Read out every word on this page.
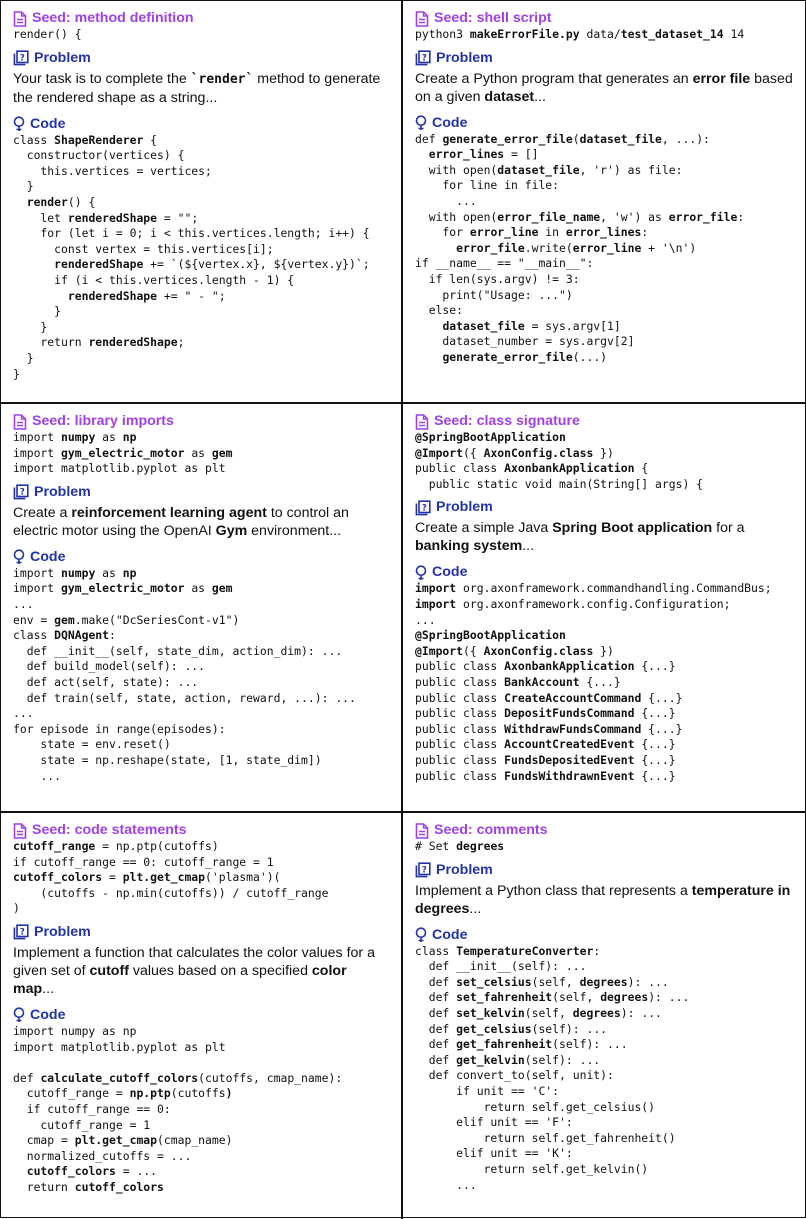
Seed: method definition
render() {
? Problem
Your task is to complete the `render` method to generate the rendered shape as a string...
Code
class ShapeRenderer {
constructor(vertices) {
this.vertices = vertices;
}
render() {
let renderedShape = "";
for (let i = 0; i < this.vertices.length; i++) {
const vertex = this.vertices[i];
renderedShape += `(${vertex.x}, ${vertex.y})`;
if (i < this.vertices.length - 1) {
renderedShape += " - ";
}
}
return renderedShape;
}
}
Seed: shell script
python3 makeErrorFile.py data/test_dataset_14 14
? Problem
Create a Python program that generates an error file based on a given dataset...
Code
def generate_error_file(dataset_file, ...):
error_lines = []
with open(dataset_file, 'r') as file:
for line in file:
...
with open(error_file_name, 'w') as error_file:
for error_line in error_lines:
error_file.write(error_line + '\n')
if __name__ == "__main__":
if len(sys.argv) != 3:
print("Usage: ...")
else:
dataset_file = sys.argv[1]
dataset_number = sys.argv[2]
generate_error_file(...)
Seed: library imports
import numpy as np
import gym_electric_motor as gem
import matplotlib.pyplot as plt
? Problem
Create a reinforcement learning agent to control an electric motor using the OpenAI Gym environment...
Code
import numpy as np
import gym_electric_motor as gem
...
env = gem.make("DcSeriesCont-v1")
class DQNAgent:
def __init__(self, state_dim, action_dim): ...
def build_model(self): ...
def act(self, state): ...
def train(self, state, action, reward, ...): ...
...
for episode in range(episodes):
state = env.reset()
state = np.reshape(state, [1, state_dim])
...
Seed: class signature
@SpringBootApplication
@Import({ AxonConfig.class })
public class AxonbankApplication {
public static void main(String[] args) {
? Problem
Create a simple Java Spring Boot application for a banking system...
Code
import org.axonframework.commandhandling.CommandBus;
import org.axonframework.config.Configuration;
...
@SpringBootApplication
@Import({ AxonConfig.class })
public class AxonbankApplication {...}
public class BankAccount {...}
public class CreateAccountCommand {...}
public class DepositFundsCommand {...}
public class WithdrawFundsCommand {...}
public class AccountCreatedEvent {...}
public class FundsDepositedEvent {...}
public class FundsWithdrawnEvent {...}
Seed: code statements
cutoff_range = np.ptp(cutoffs)
if cutoff_range == 0: cutoff_range = 1
cutoff_colors = plt.get_cmap('plasma')(
(cutoffs - np.min(cutoffs)) / cutoff_range
)
? Problem
Implement a function that calculates the color values for a given set of cutoff values based on a specified color map...
Code
import numpy as np
import matplotlib.pyplot as plt

def calculate_cutoff_colors(cutoffs, cmap_name):
cutoff_range = np.ptp(cutoffs)
if cutoff_range == 0:
cutoff_range = 1
cmap = plt.get_cmap(cmap_name)
normalized_cutoffs = ...
cutoff_colors = ...
return cutoff_colors
Seed: comments
# Set degrees
? Problem
Implement a Python class that represents a temperature in degrees...
Code
class TemperatureConverter:
def __init__(self): ...
def set_celsius(self, degrees): ...
def set_fahrenheit(self, degrees): ...
def set_kelvin(self, degrees): ...
def get_celsius(self): ...
def get_fahrenheit(self): ...
def get_kelvin(self): ...
def convert_to(self, unit):
if unit == 'C':
return self.get_celsius()
elif unit == 'F':
return self.get_fahrenheit()
elif unit == 'K':
return self.get_kelvin()
...
